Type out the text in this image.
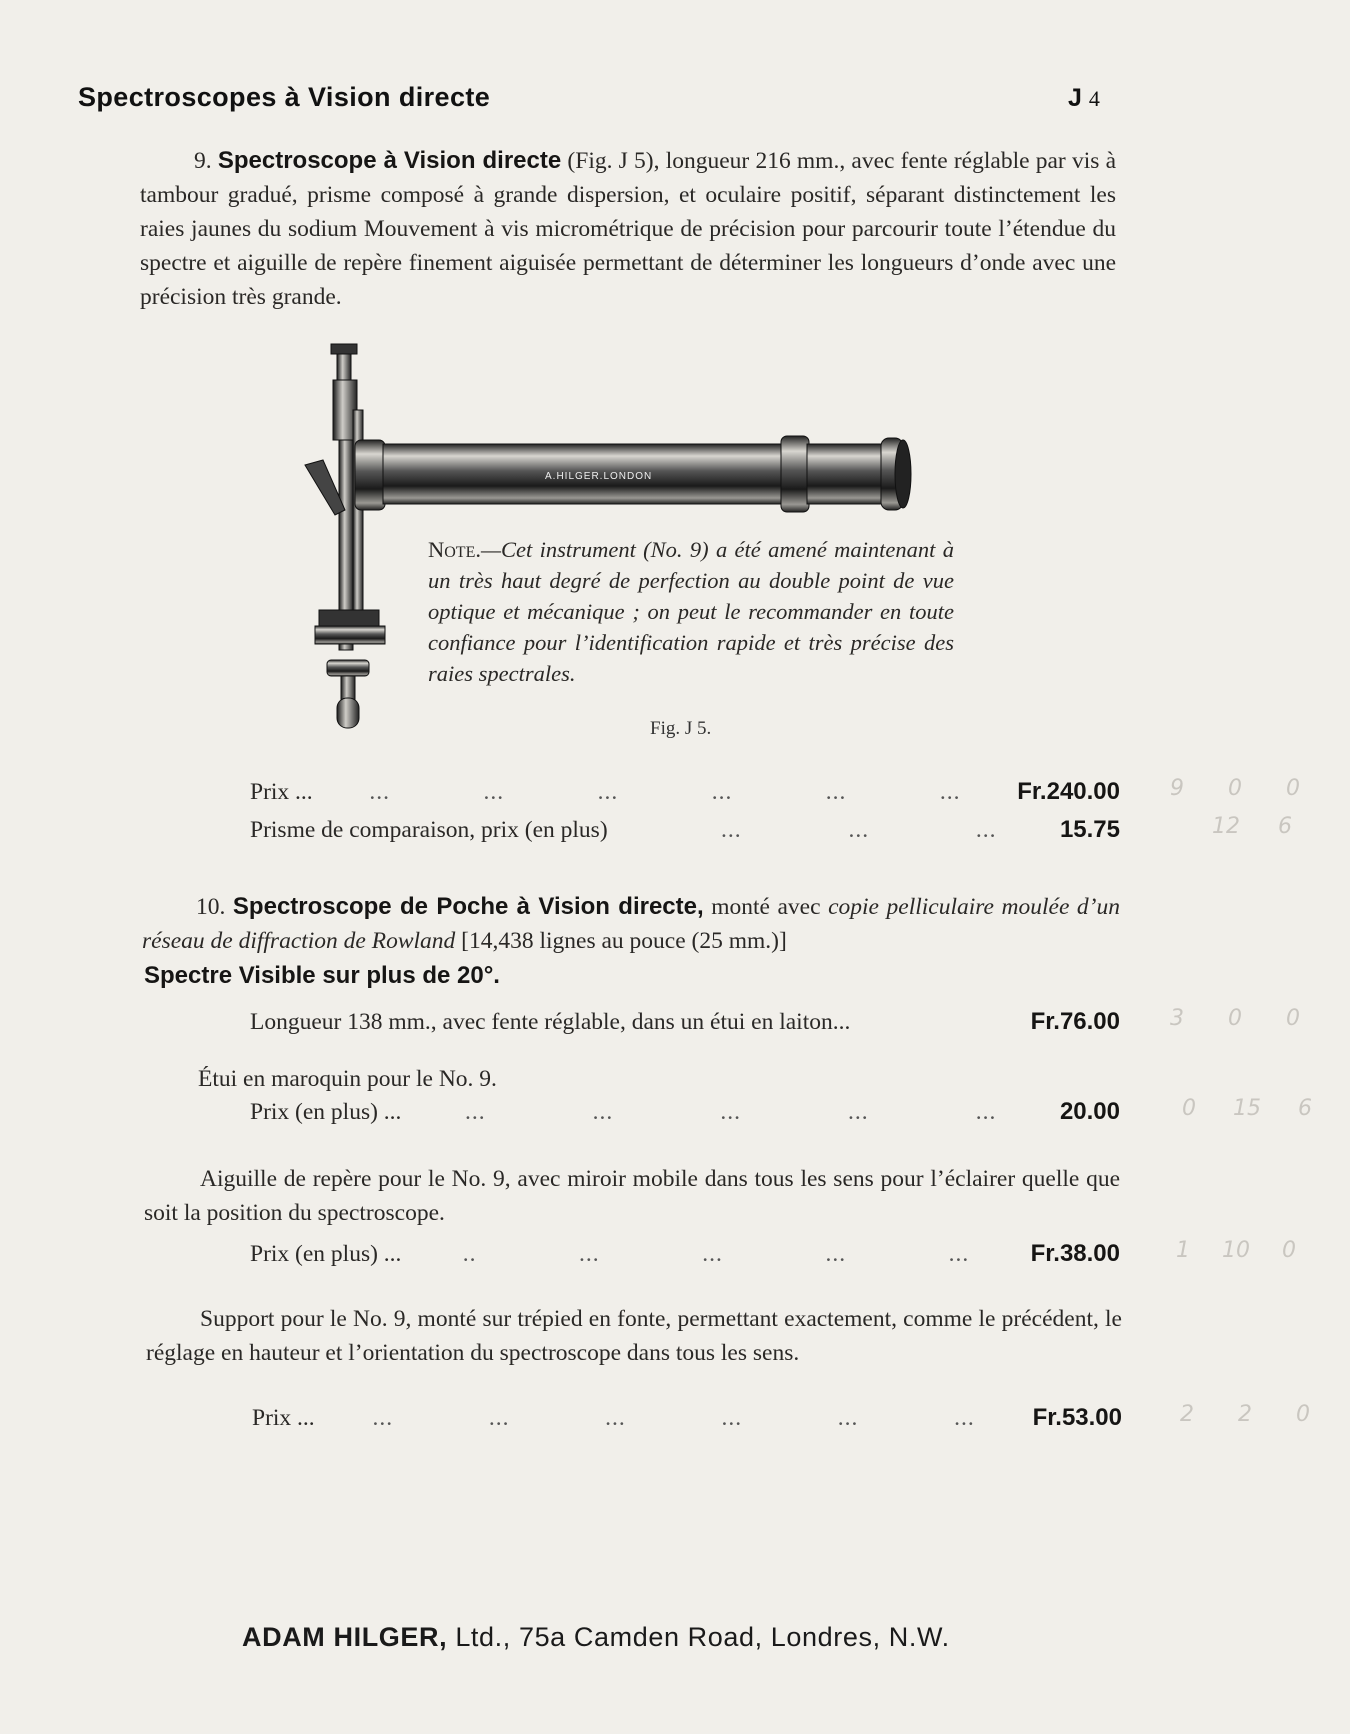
Spectroscopes à Vision directe	J 4
9. Spectroscope à Vision directe (Fig. J 5), longueur 216 mm., avec fente réglable par vis à tambour gradué, prisme composé à grande dispersion, et oculaire positif, séparant distinctement les raies jaunes du sodium Mouvement à vis micrométrique de précision pour parcourir toute l’étendue du spectre et aiguille de repère finement aiguisée permettant de déterminer les longueurs d’onde avec une précision très grande.
A.HILGER.LONDON
Note.—Cet instrument (No. 9) a été amené maintenant à un très haut degré de perfection au double point de vue optique et mécanique ; on peut le recommander en toute confiance pour l’identification rapide et très précise des raies spectrales.
Fig. J 5.
Prix ... ...	...	...	...	...	... Fr.240.00 9 0 0
Prisme de comparaison, prix (en plus)	...	...	...	15.75	12 6
10. Spectroscope de Poche à Vision directe, monté avec copie pelliculaire moulée d’un réseau de diffraction de Rowland [14,438 lignes au pouce (25 mm.)]
Spectre Visible sur plus de 20°.
Longueur 138 mm., avec fente réglable, dans un étui en laiton...	Fr.76.00 3 0 0
Étui en maroquin pour le No. 9.
Prix (en plus) ...	...	...	...	...	...	20.00	0 15 6
Aiguille de repère pour le No. 9, avec miroir mobile dans tous les sens pour l’éclairer quelle que soit la position du spectroscope.
Prix (en plus) ...	..	...	...	...	...	Fr.38.00	1 10 0
Support pour le No. 9, monté sur trépied en fonte, permettant exactement, comme le précédent, le réglage en hauteur et l’orientation du spectroscope dans tous les sens.
Prix ... ...	...	...	...	...	... Fr.53.00	2 2 0
ADAM HILGER, Ltd., 75a Camden Road, Londres, N.W.
